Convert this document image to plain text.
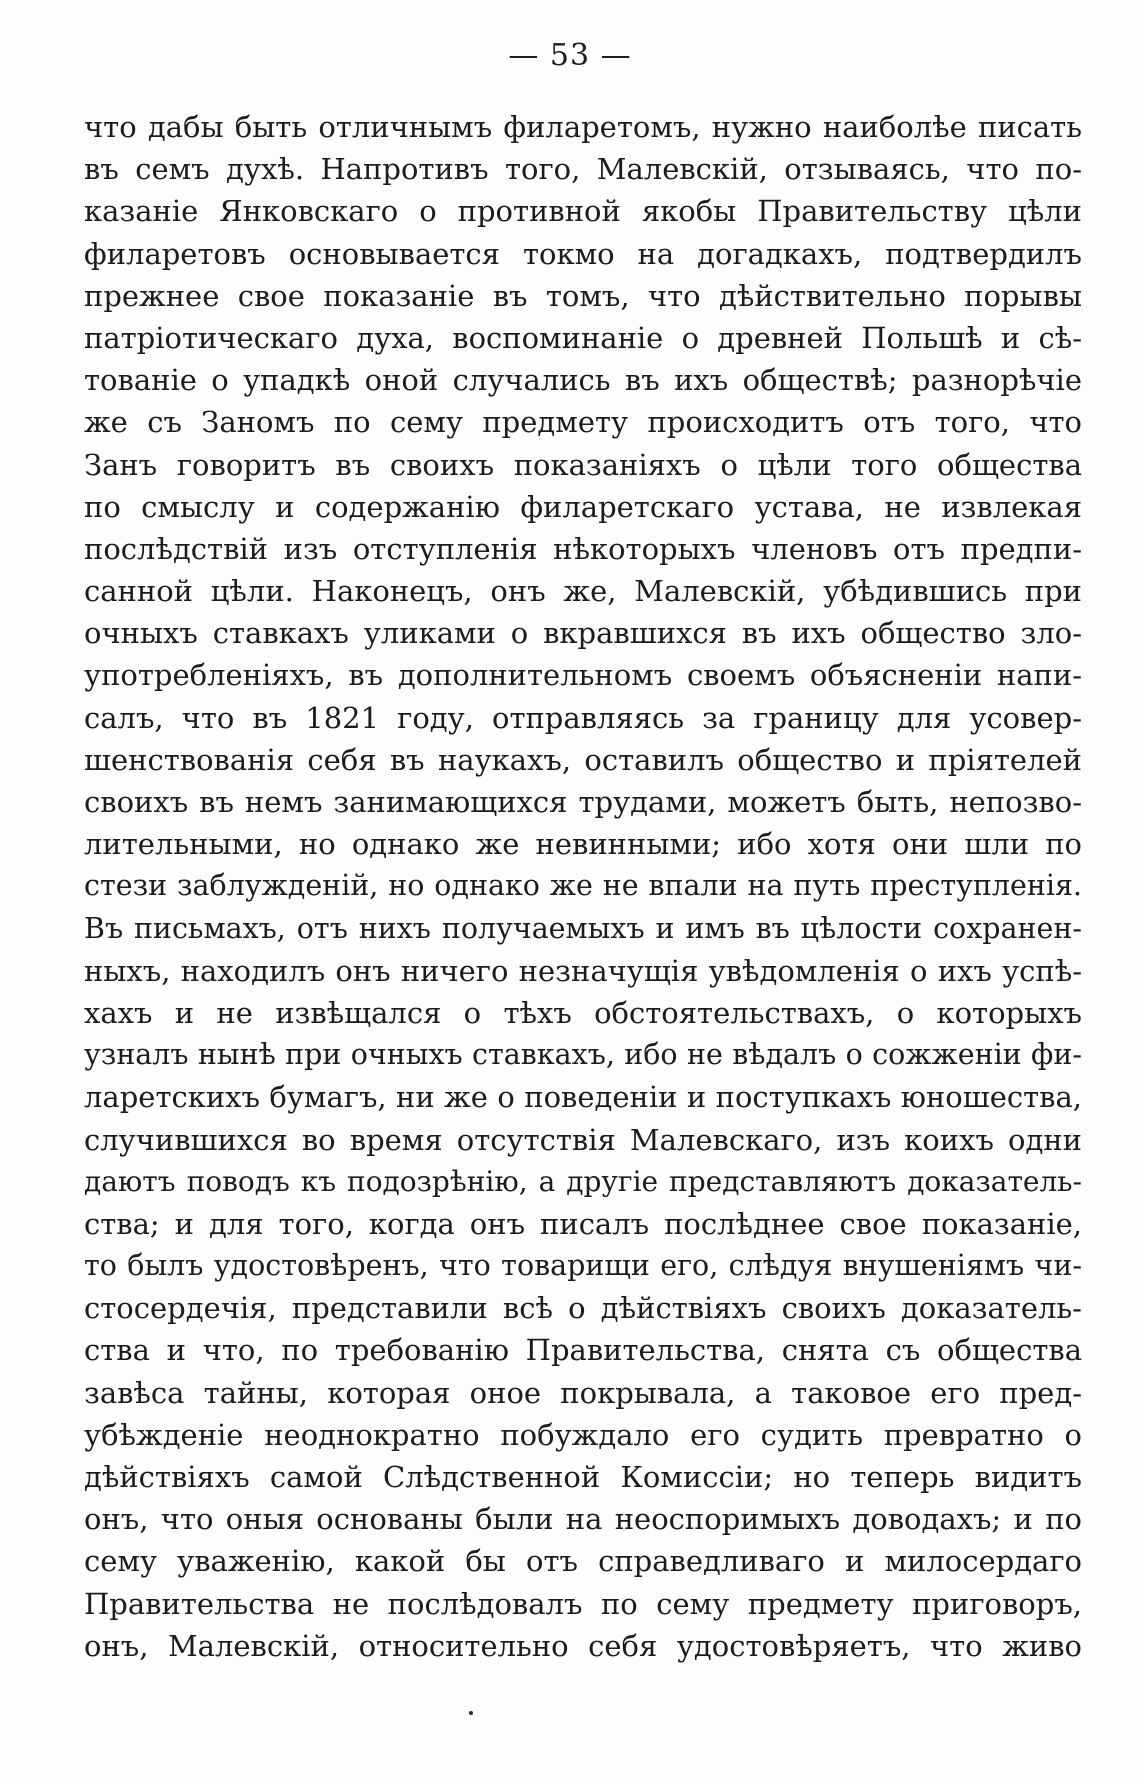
— 53 —
что дабы быть отличнымъ филаретомъ, нужно наиболѣе писать
въ семъ духѣ. Напротивъ того, Малевскій, отзываясь, что по-
казаніе Янковскаго о противной якобы Правительству цѣли
филаретовъ основывается токмо на догадкахъ, подтвердилъ
прежнее свое показаніе въ томъ, что дѣйствительно порывы
патріотическаго духа, воспоминаніе о древней Польшѣ и сѣ-
тованіе о упадкѣ оной случались въ ихъ обществѣ; разнорѣчіе
же съ Заномъ по сему предмету происходитъ отъ того, что
Занъ говоритъ въ своихъ показаніяхъ о цѣли того общества
по смыслу и содержанію филаретскаго устава, не извлекая
послѣдствій изъ отступленія нѣкоторыхъ членовъ отъ предпи-
санной цѣли. Наконецъ, онъ же, Малевскій, убѣдившись при
очныхъ ставкахъ уликами о вкравшихся въ ихъ общество зло-
употребленіяхъ, въ дополнительномъ своемъ объясненіи напи-
салъ, что въ 1821 году, отправляясь за границу для усовер-
шенствованія себя въ наукахъ, оставилъ общество и пріятелей
своихъ въ немъ занимающихся трудами, можетъ быть, непозво-
лительными, но однако же невинными; ибо хотя они шли по
стези заблужденій, но однако же не впали на путь преступленія.
Въ письмахъ, отъ нихъ получаемыхъ и имъ въ цѣлости сохранен-
ныхъ, находилъ онъ ничего незначущія увѣдомленія о ихъ успѣ-
хахъ и не извѣщался о тѣхъ обстоятельствахъ, о которыхъ
узналъ нынѣ при очныхъ ставкахъ, ибо не вѣдалъ о сожженіи фи-
ларетскихъ бумагъ, ни же о поведеніи и поступкахъ юношества,
случившихся во время отсутствія Малевскаго, изъ коихъ одни
даютъ поводъ къ подозрѣнію, а другіе представляютъ доказатель-
ства; и для того, когда онъ писалъ послѣднее свое показаніе,
то былъ удостовѣренъ, что товарищи его, слѣдуя внушеніямъ чи-
стосердечія, представили всѣ о дѣйствіяхъ своихъ доказатель-
ства и что, по требованію Правительства, снята съ общества
завѣса тайны, которая оное покрывала, а таковое его пред-
убѣжденіе неоднократно побуждало его судить превратно о
дѣйствіяхъ самой Слѣдственной Комиссіи; но теперь видитъ
онъ, что оныя основаны были на неоспоримыхъ доводахъ; и по
сему уваженію, какой бы отъ справедливаго и милосердаго
Правительства не послѣдовалъ по сему предмету приговоръ,
онъ, Малевскій, относительно себя удостовѣряетъ, что живо
